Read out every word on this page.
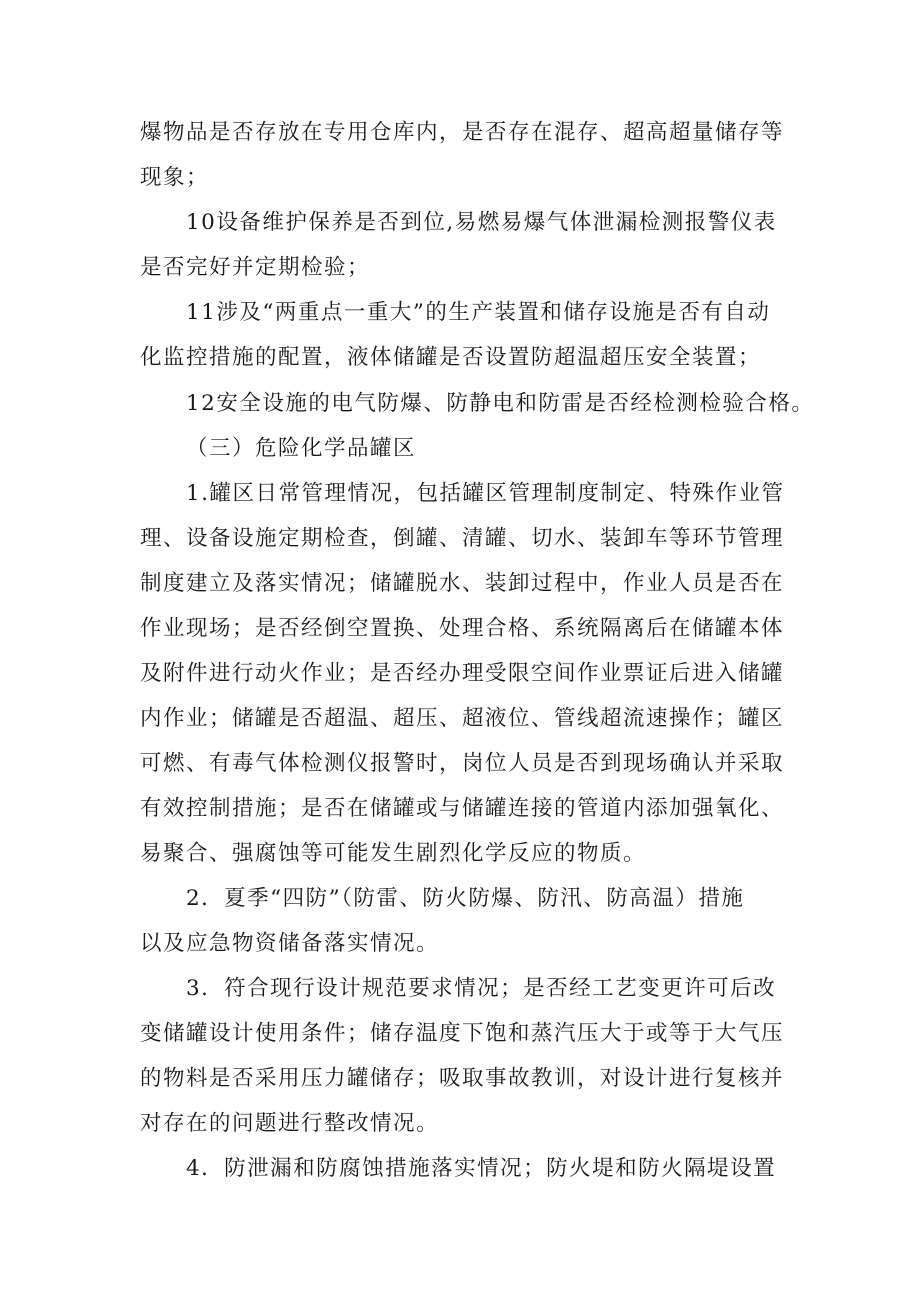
爆物品是否存放在专用仓库内，是否存在混存、超高超量储存等
现象；
10设备维护保养是否到位,易燃易爆气体泄漏检测报警仪表
是否完好并定期检验；
11涉及“两重点一重大”的生产装置和储存设施是否有自动
化监控措施的配置，液体储罐是否设置防超温超压安全装置；
12安全设施的电气防爆、防静电和防雷是否经检测检验合格。
（三）危险化学品罐区
1.罐区日常管理情况，包括罐区管理制度制定、特殊作业管
理、设备设施定期检查，倒罐、清罐、切水、装卸车等环节管理
制度建立及落实情况；储罐脱水、装卸过程中，作业人员是否在
作业现场；是否经倒空置换、处理合格、系统隔离后在储罐本体
及附件进行动火作业；是否经办理受限空间作业票证后进入储罐
内作业；储罐是否超温、超压、超液位、管线超流速操作；罐区
可燃、有毒气体检测仪报警时，岗位人员是否到现场确认并采取
有效控制措施；是否在储罐或与储罐连接的管道内添加强氧化、
易聚合、强腐蚀等可能发生剧烈化学反应的物质。
2．夏季“四防”（防雷、防火防爆、防汛、防高温）措施
以及应急物资储备落实情况。
3．符合现行设计规范要求情况；是否经工艺变更许可后改
变储罐设计使用条件；储存温度下饱和蒸汽压大于或等于大气压
的物料是否采用压力罐储存；吸取事故教训，对设计进行复核并
对存在的问题进行整改情况。
4．防泄漏和防腐蚀措施落实情况；防火堤和防火隔堤设置
